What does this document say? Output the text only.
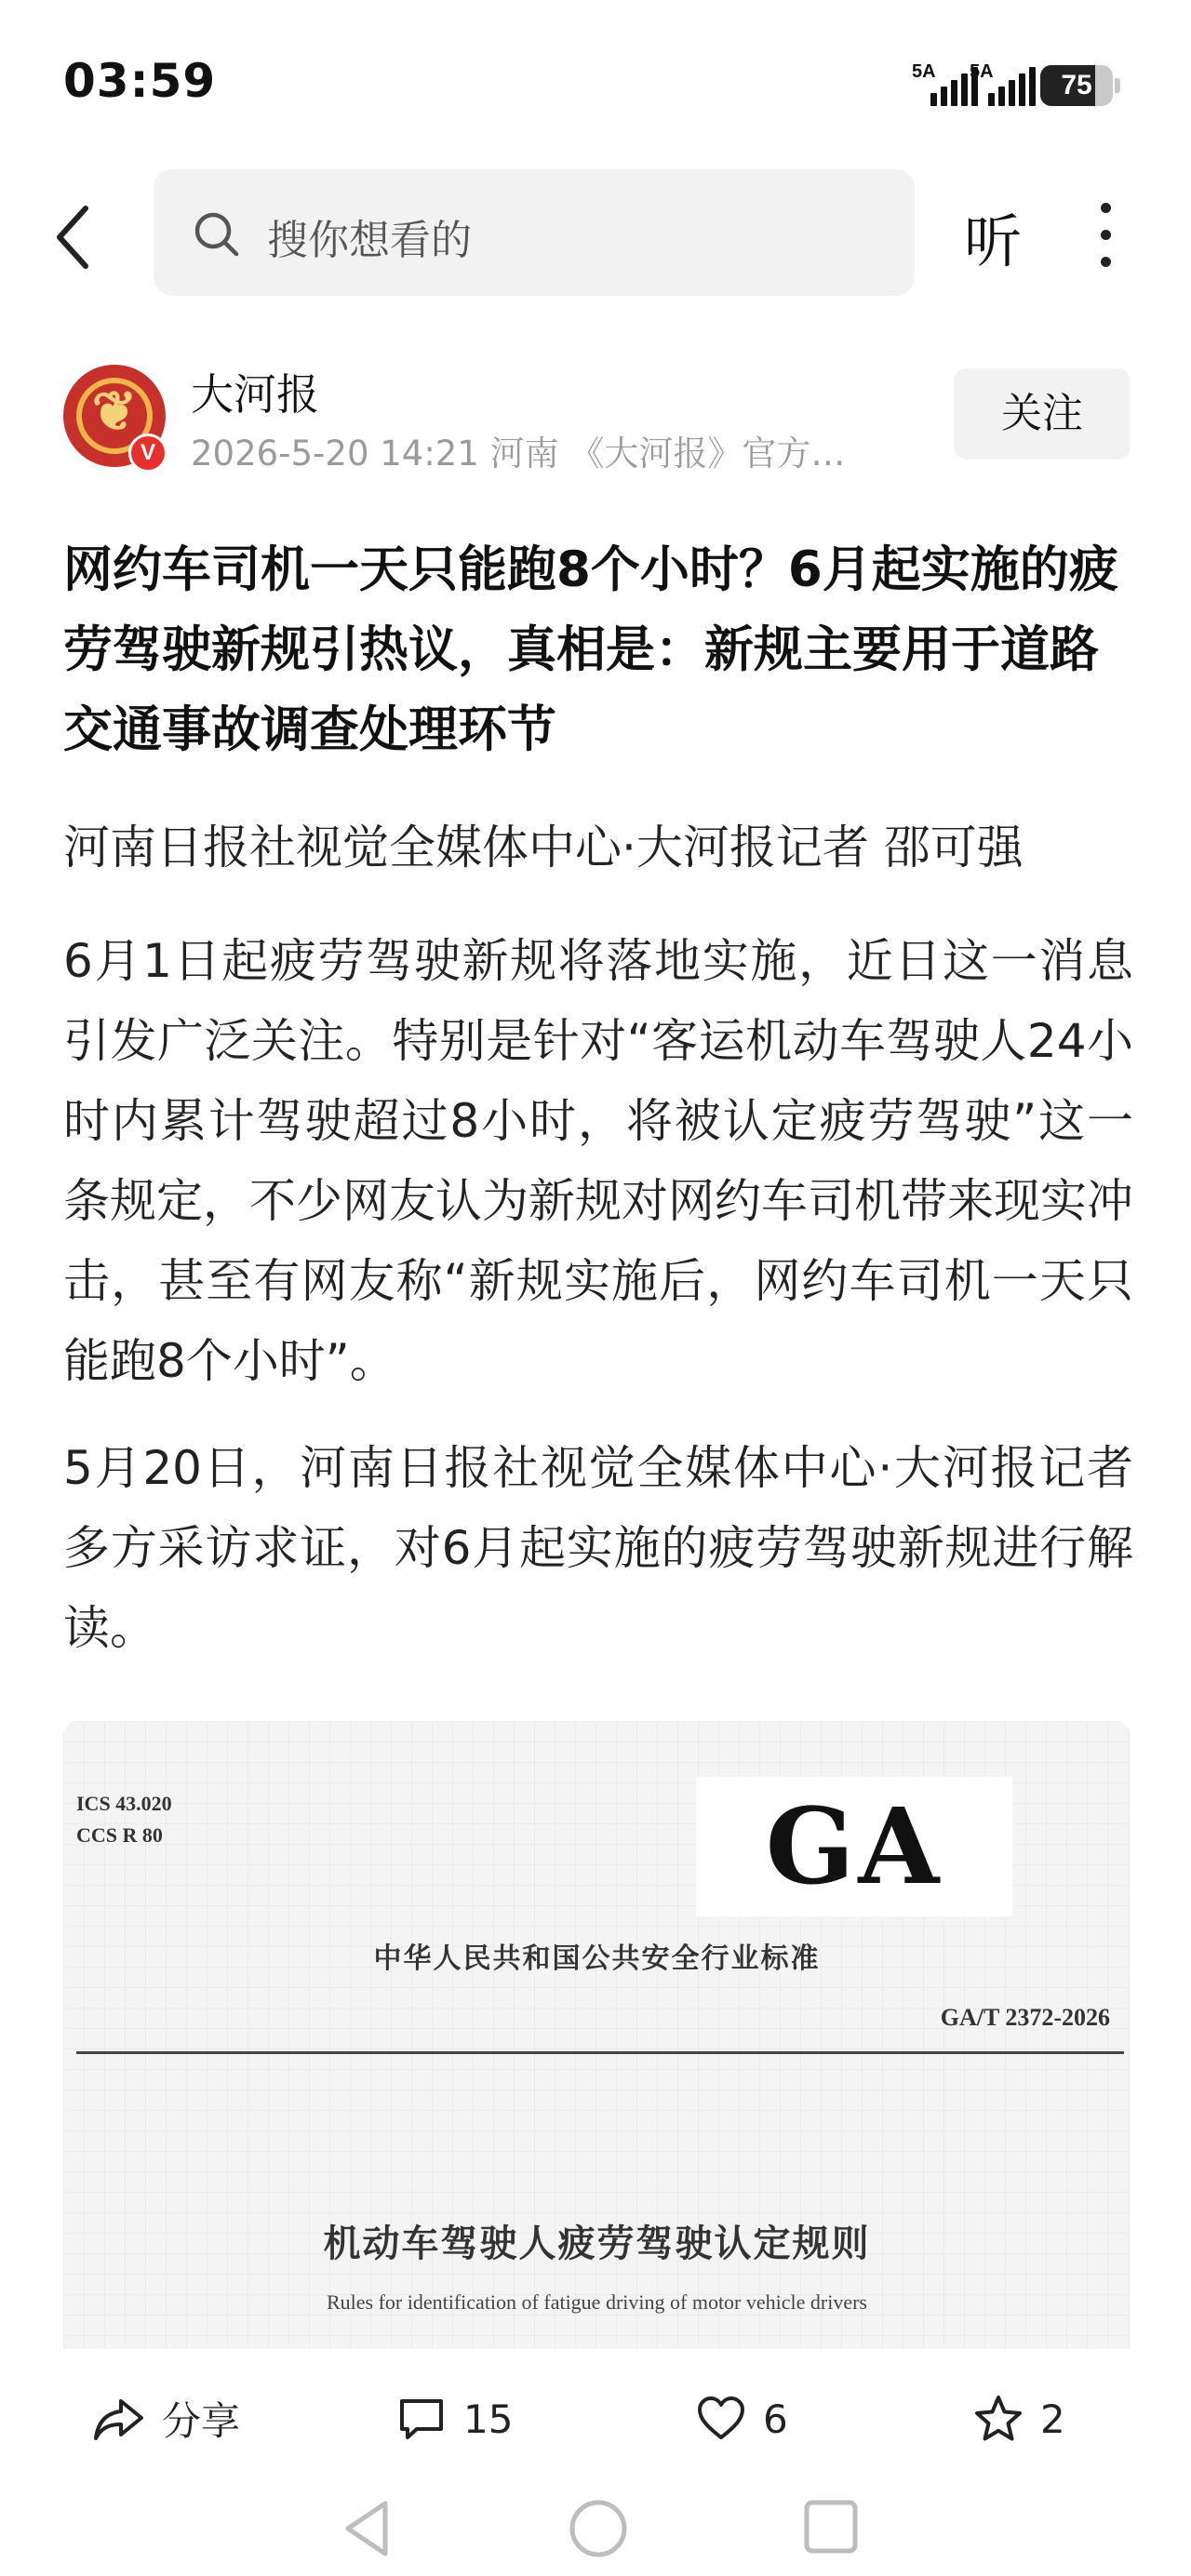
03:59	5A 5A	75
搜你想看的	听
❦
V
大河报
2026-5-20 14:21 河南 《大河报》官方…
关注
网约车司机一天只能跑8个小时？6月起实施的疲劳驾驶新规引热议，真相是：新规主要用于道路交通事故调查处理环节
河南日报社视觉全媒体中心·大河报记者 邵可强
6月1日起疲劳驾驶新规将落地实施，近日这一消息引发广泛关注。特别是针对“客运机动车驾驶人24小时内累计驾驶超过8小时，将被认定疲劳驾驶”这一条规定，不少网友认为新规对网约车司机带来现实冲击，甚至有网友称“新规实施后，网约车司机一天只能跑8个小时”。
5月20日，河南日报社视觉全媒体中心·大河报记者多方采访求证，对6月起实施的疲劳驾驶新规进行解读。
ICS 43.020
CCS R 80	GA
中华人民共和国公共安全行业标准
GA/T 2372-2026
机动车驾驶人疲劳驾驶认定规则
Rules for identification of fatigue driving of motor vehicle drivers
分享	15	6	2
